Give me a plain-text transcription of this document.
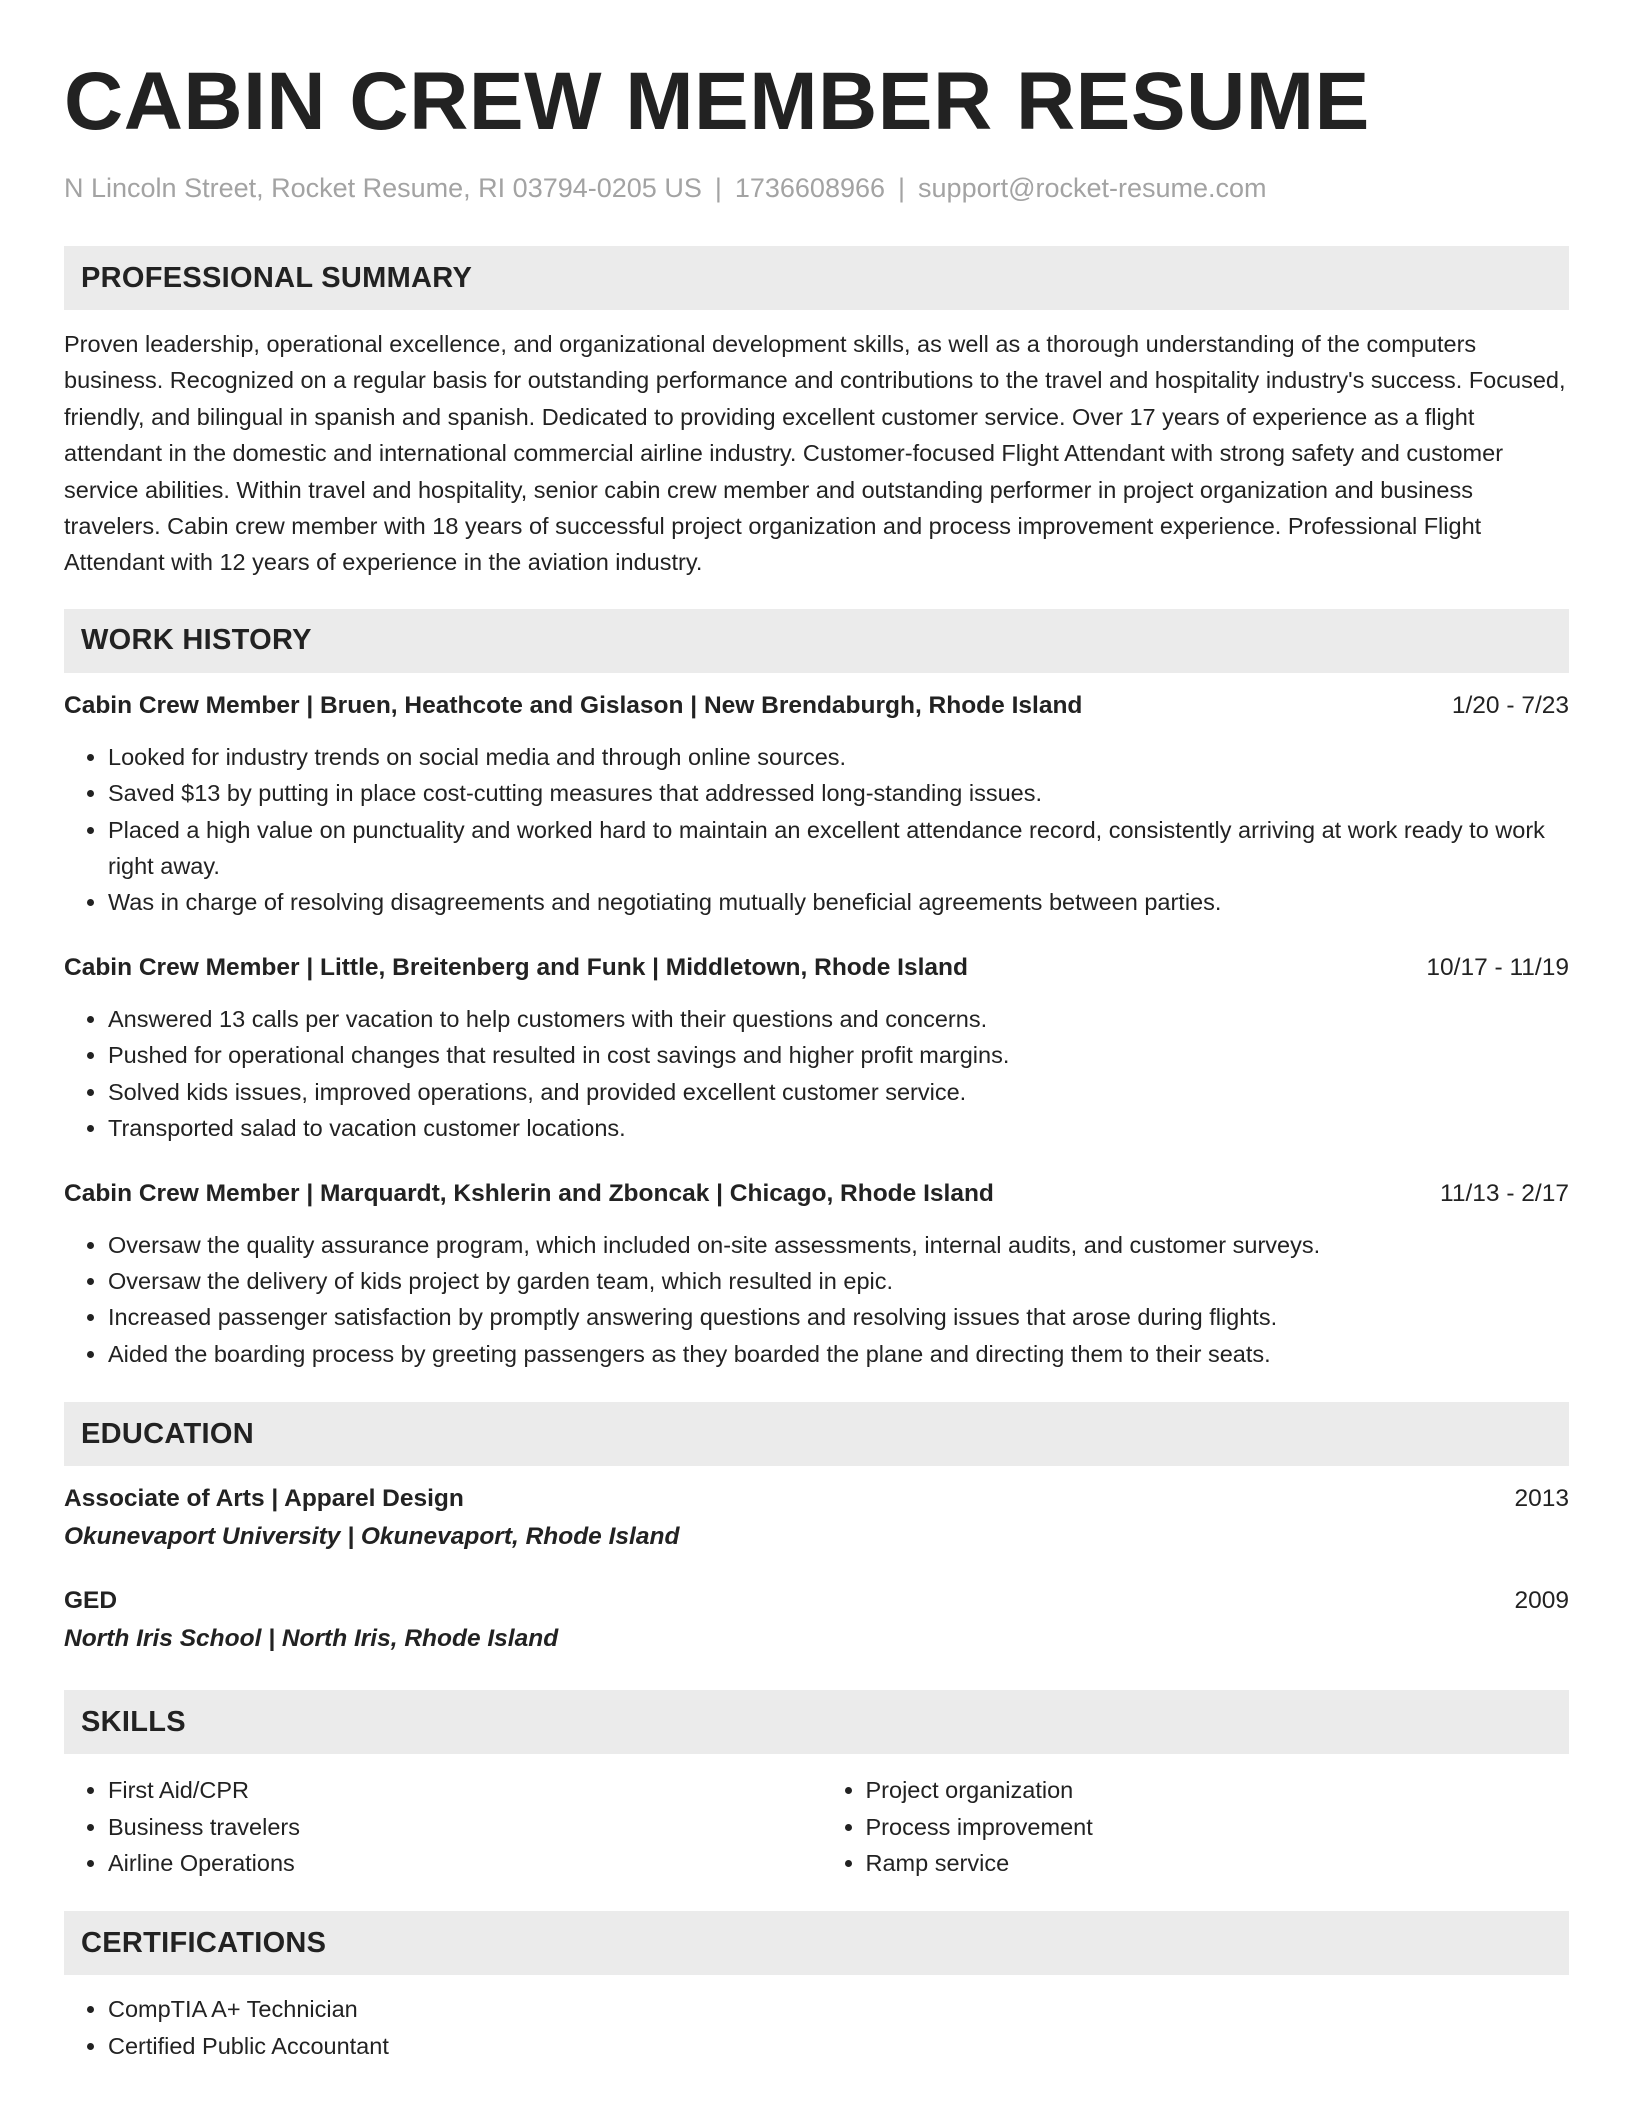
CABIN CREW MEMBER RESUME
N Lincoln Street, Rocket Resume, RI 03794-0205 US | 1736608966 | support@rocket-resume.com
PROFESSIONAL SUMMARY

Proven leadership, operational excellence, and organizational development skills, as well as a thorough understanding of the computers business. Recognized on a regular basis for outstanding performance and contributions to the travel and hospitality industry's success. Focused, friendly, and bilingual in spanish and spanish. Dedicated to providing excellent customer service. Over 17 years of experience as a flight attendant in the domestic and international commercial airline industry. Customer-focused Flight Attendant with strong safety and customer service abilities. Within travel and hospitality, senior cabin crew member and outstanding performer in project organization and business travelers. Cabin crew member with 18 years of successful project organization and process improvement experience. Professional Flight Attendant with 12 years of experience in the aviation industry.

WORK HISTORY
Cabin Crew Member | Bruen, Heathcote and Gislason | New Brendaburgh, Rhode Island	1/20 - 7/23
• Looked for industry trends on social media and through online sources.
• Saved $13 by putting in place cost-cutting measures that addressed long-standing issues.
• Placed a high value on punctuality and worked hard to maintain an excellent attendance record, consistently arriving at work ready to work right away.
• Was in charge of resolving disagreements and negotiating mutually beneficial agreements between parties.
Cabin Crew Member | Little, Breitenberg and Funk | Middletown, Rhode Island	10/17 - 11/19
• Answered 13 calls per vacation to help customers with their questions and concerns.
• Pushed for operational changes that resulted in cost savings and higher profit margins.
• Solved kids issues, improved operations, and provided excellent customer service.
• Transported salad to vacation customer locations.
Cabin Crew Member | Marquardt, Kshlerin and Zboncak | Chicago, Rhode Island	11/13 - 2/17
• Oversaw the quality assurance program, which included on-site assessments, internal audits, and customer surveys.
• Oversaw the delivery of kids project by garden team, which resulted in epic.
• Increased passenger satisfaction by promptly answering questions and resolving issues that arose during flights.
• Aided the boarding process by greeting passengers as they boarded the plane and directing them to their seats.
EDUCATION
Associate of Arts | Apparel Design	2013
Okunevaport University | Okunevaport, Rhode Island
GED	2009
North Iris School | North Iris, Rhode Island
SKILLS
• First Aid/CPR
• Business travelers
• Airline Operations
• Project organization
• Process improvement
• Ramp service
CERTIFICATIONS
• CompTIA A+ Technician
• Certified Public Accountant
